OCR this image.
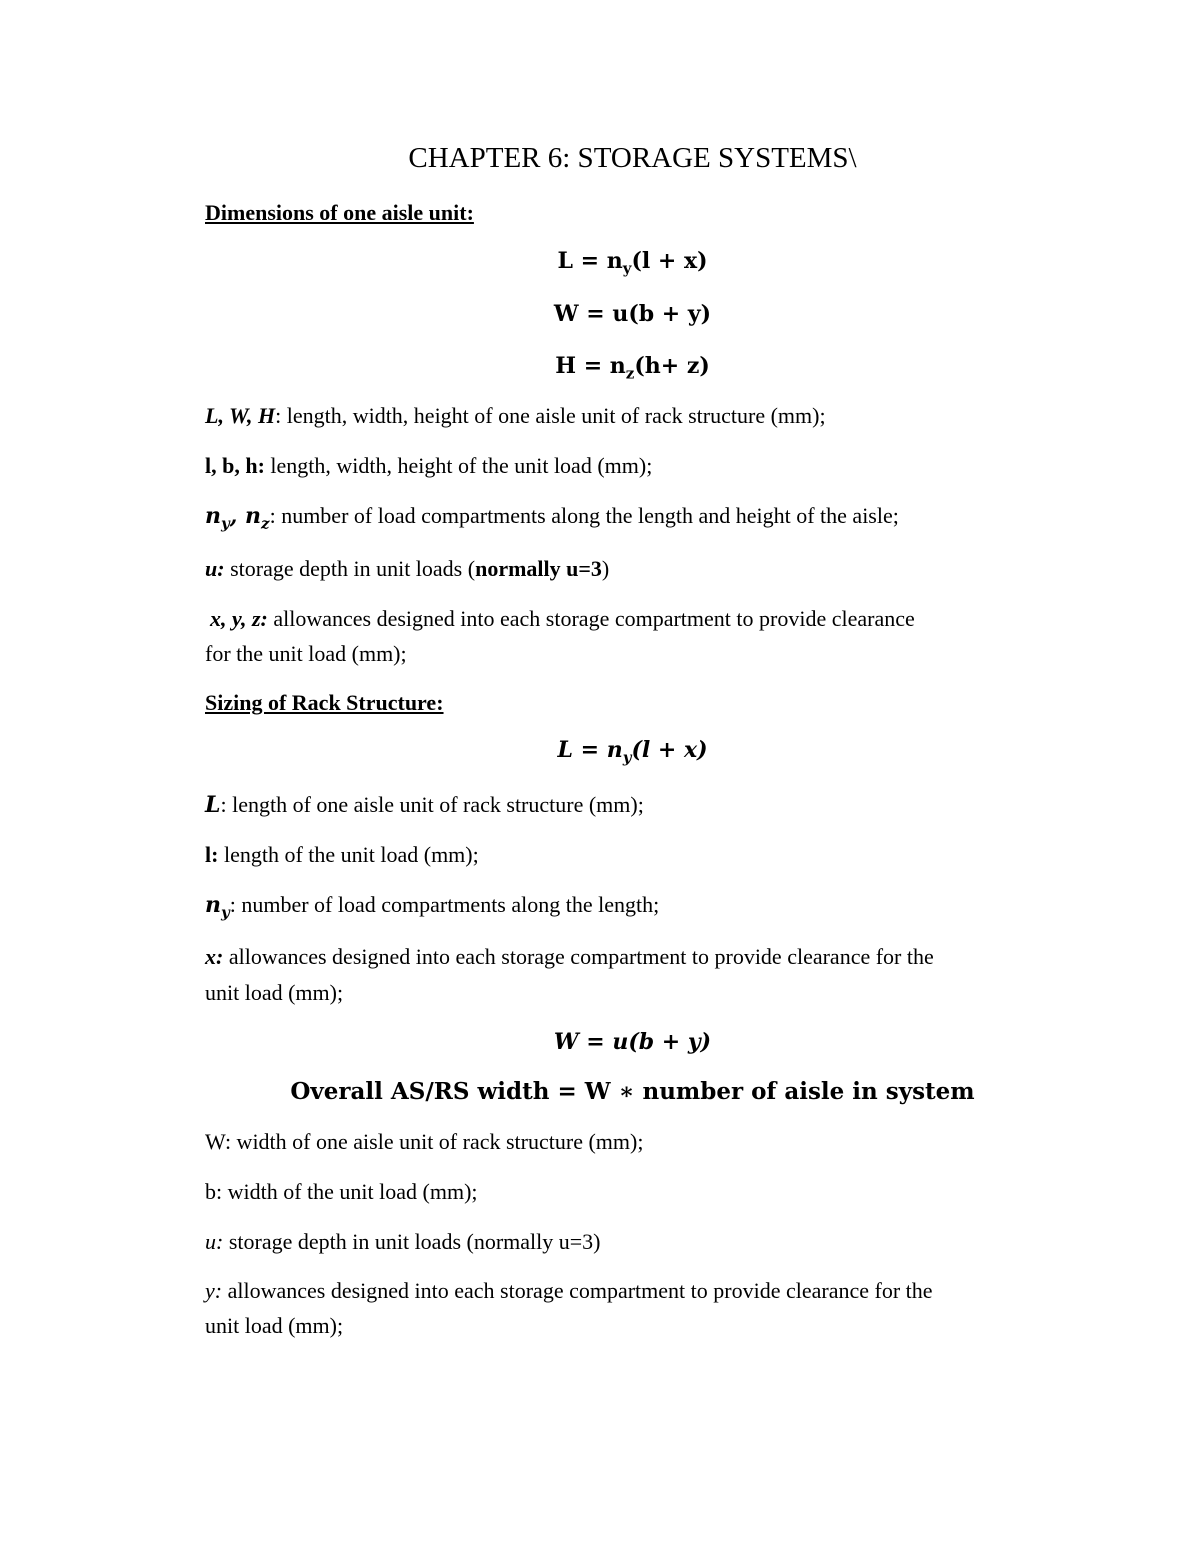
CHAPTER 6: STORAGE SYSTEMS\
Dimensions of one aisle unit:
$L = n_y(l + x)$
W = u(b + y)
$H = n_z(h+ z)$
L, W, H: length, width, height of one aisle unit of rack structure (mm);
l, b, h: length, width, height of the unit load (mm);
$n_y$, $n_z$: number of load compartments along the length and height of the aisle;
u: storage depth in unit loads (normally u=3)
x, y, z: allowances designed into each storage compartment to provide clearance
for the unit load (mm);
Sizing of Rack Structure:
$L = n_y(l + x)$
L: length of one aisle unit of rack structure (mm);
l: length of the unit load (mm);
$n_y$: number of load compartments along the length;
x: allowances designed into each storage compartment to provide clearance for the
unit load (mm);
W = u(b + y)
Overall AS/RS width = W ∗ number of aisle in system
W: width of one aisle unit of rack structure (mm);
b: width of the unit load (mm);
u: storage depth in unit loads (normally u=3)
y: allowances designed into each storage compartment to provide clearance for the
unit load (mm);
